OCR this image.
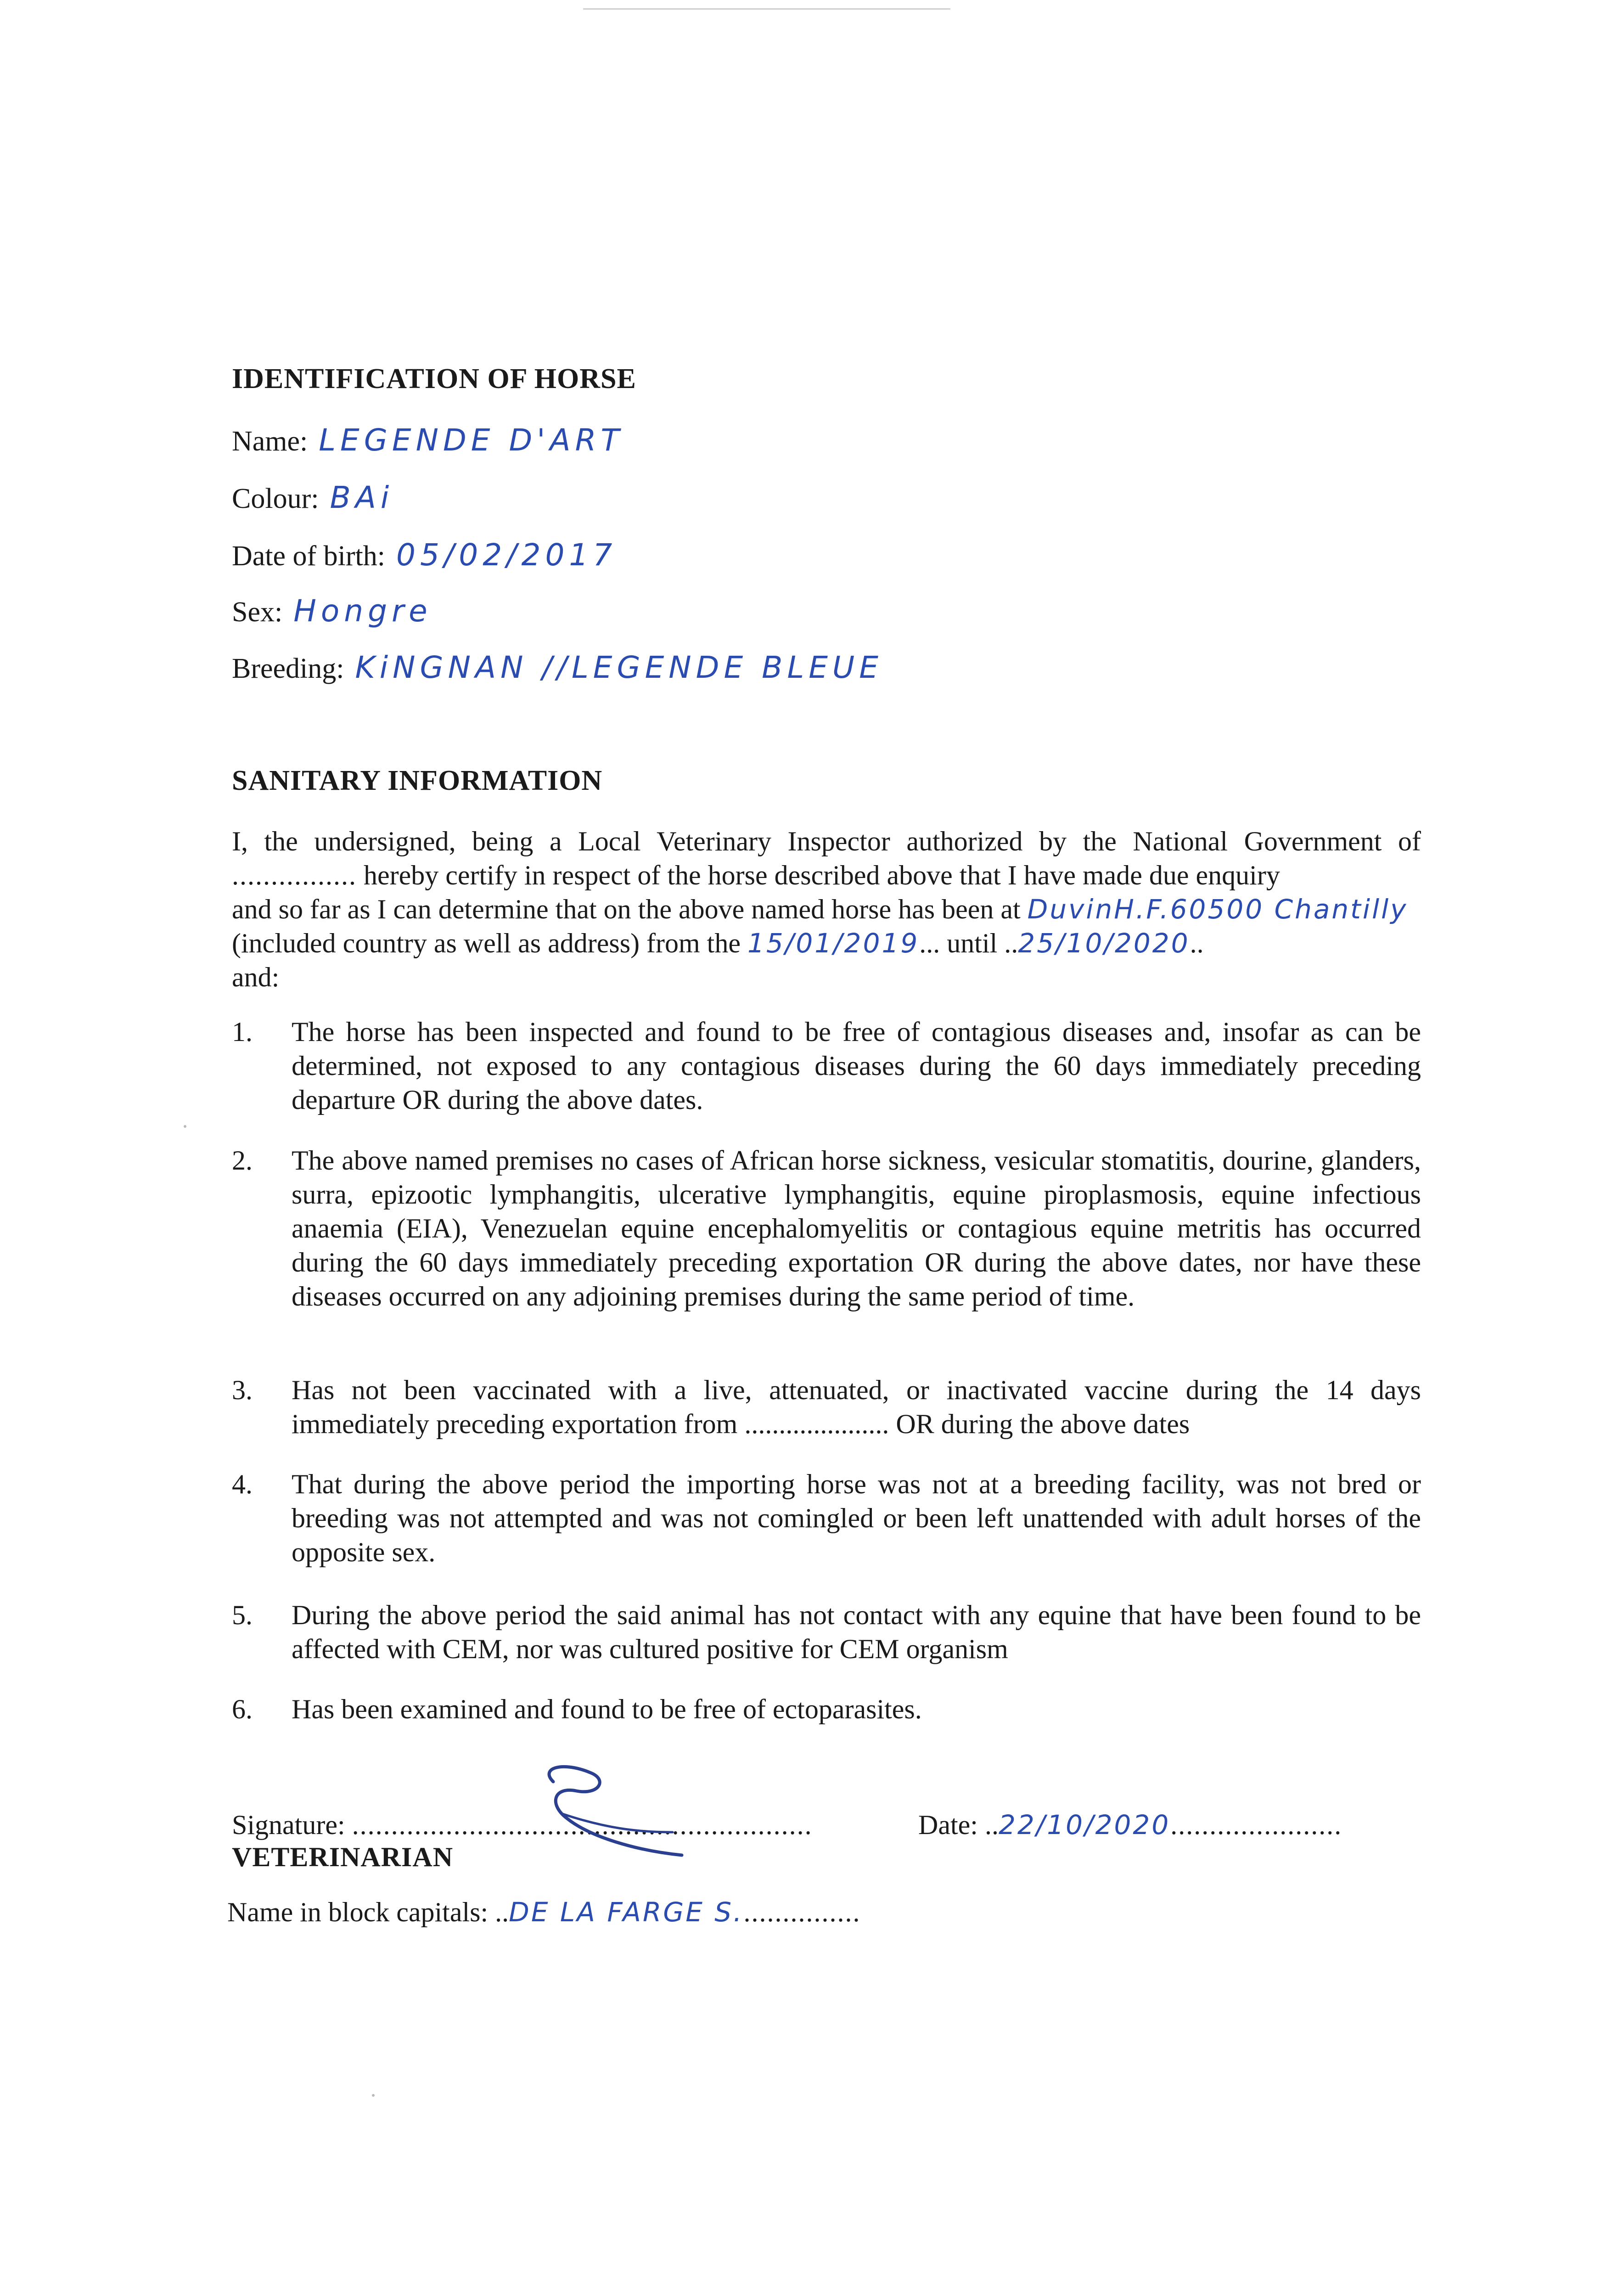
IDENTIFICATION OF HORSE
Name: LEGENDE D'ART
Colour: BAi
Date of birth: 05/02/2017
Sex: Hongre
Breeding: KiNGNAN //LEGENDE BLEUE
SANITARY INFORMATION
I, the undersigned, being a Local Veterinary Inspector authorized by the National Government of
................ hereby certify in respect of the horse described above that I have made due enquiry
and so far as I can determine that on the above named horse has been at DuvinH.F.60500 Chantilly
(included country as well as address) from the 15/01/2019... until ..25/10/2020..
and:
1. The horse has been inspected and found to be free of contagious diseases and, insofar as can be determined, not exposed to any contagious diseases during the 60 days immediately preceding departure OR during the above dates.
2. The above named premises no cases of African horse sickness, vesicular stomatitis, dourine, glanders, surra, epizootic lymphangitis, ulcerative lymphangitis, equine piroplasmosis, equine infectious anaemia (EIA), Venezuelan equine encephalomyelitis or contagious equine metritis has occurred during the 60 days immediately preceding exportation OR during the above dates, nor have these diseases occurred on any adjoining premises during the same period of time.
3. Has not been vaccinated with a live, attenuated, or inactivated vaccine during the 14 days immediately preceding exportation from ..................... OR during the above dates
4. That during the above period the importing horse was not at a breeding facility, was not bred or breeding was not attempted and was not comingled or been left unattended with adult horses of the opposite sex.
5. During the above period the said animal has not contact with any equine that have been found to be affected with CEM, nor was cultured positive for CEM organism
6. Has been examined and found to be free of ectoparasites.
Signature: ...........................................................
VETERINARIAN
Date: ..22/10/2020......................
Name in block capitals: ..DE LA FARGE S................
